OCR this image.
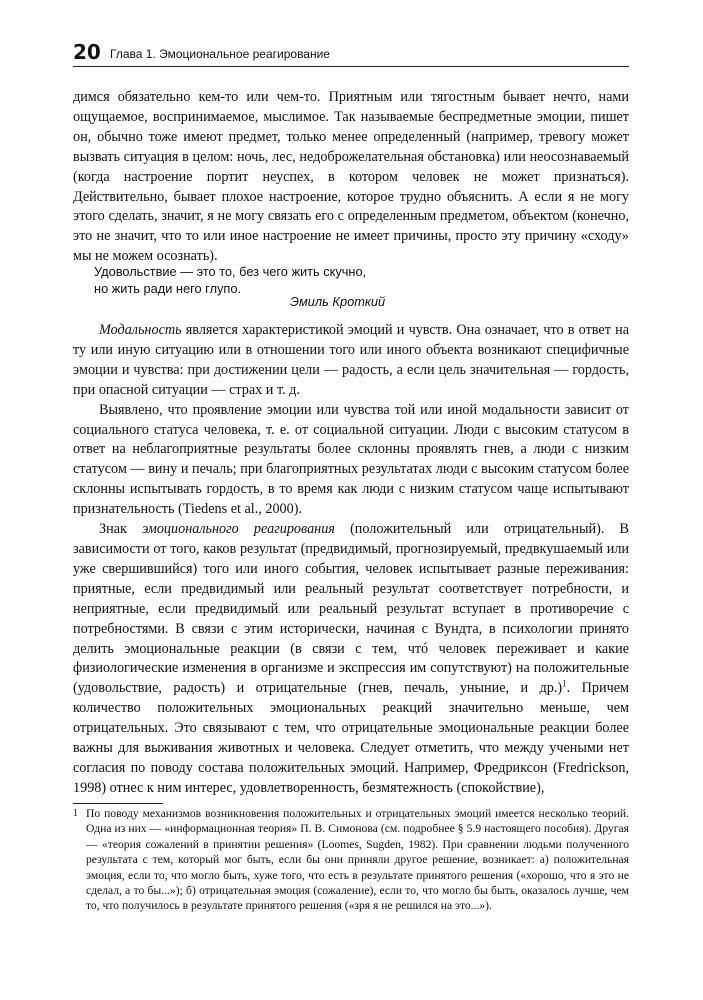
20 Глава 1. Эмоциональное реагирование

димся обязательно кем-то или чем-то. Приятным или тягостным бывает нечто, нами ощущаемое, воспринимаемое, мыслимое. Так называемые беспредметные эмоции, пишет он, обычно тоже имеют предмет, только менее определенный (например, тревогу может вызвать ситуация в целом: ночь, лес, недоброжелательная обстановка) или неосознаваемый (когда настроение портит неуспех, в котором человек не может признаться). Действительно, бывает плохое настроение, которое трудно объяснить. А если я не могу этого сделать, значит, я не могу связать его с определенным предметом, объектом (конечно, это не значит, что то или иное настроение не имеет причины, просто эту причину «сходу» мы не можем осознать).

Удовольствие — это то, без чего жить скучно,
но жить ради него глупо.
Эмиль Кроткий

Модальность является характеристикой эмоций и чувств. Она означает, что в ответ на ту или иную ситуацию или в отношении того или иного объекта возникают специфичные эмоции и чувства: при достижении цели — радость, а если цель значительная — гордость, при опасной ситуации — страх и т. д.

Выявлено, что проявление эмоции или чувства той или иной модальности зависит от социального статуса человека, т. е. от социальной ситуации. Люди с высоким статусом в ответ на неблагоприятные результаты более склонны проявлять гнев, а люди с низким статусом — вину и печаль; при благоприятных результатах люди с высоким статусом более склонны испытывать гордость, в то время как люди с низким статусом чаще испытывают признательность (Tiedens et al., 2000).

Знак эмоционального реагирования (положительный или отрицательный). В зависимости от того, каков результат (предвидимый, прогнозируемый, предвкушаемый или уже свершившийся) того или иного события, человек испытывает разные переживания: приятные, если предвидимый или реальный результат соответствует потребности, и неприятные, если предвидимый или реальный результат вступает в противоречие с потребностями. В связи с этим исторически, начиная с Вундта, в психологии принято делить эмоциональные реакции (в связи с тем, чтó человек переживает и какие физиологические изменения в организме и экспрессия им сопутствуют) на положительные (удовольствие, радость) и отрицательные (гнев, печаль, уныние, и др.)$^1$. Причем количество положительных эмоциональных реакций значительно меньше, чем отрицательных. Это связывают с тем, что отрицательные эмоциональные реакции более важны для выживания животных и человека. Следует отметить, что между учеными нет согласия по поводу состава положительных эмоций. Например, Фредриксон (Fredrickson, 1998) отнес к ним интерес, удовлетворенность, безмятежность (спокойствие),

1 По поводу механизмов возникновения положительных и отрицательных эмоций имеется несколько теорий. Одна из них — «информационная теория» П. В. Симонова (см. подробнее § 5.9 настоящего пособия). Другая — «теория сожалений в принятии решения» (Loomes, Sugden, 1982). При сравнении людьми полученного результата с тем, который мог быть, если бы они приняли другое решение, возникает: а) положительная эмоция, если то, что могло быть, хуже того, что есть в результате принятого решения («хорошо, что я это не сделал, а то бы...»); б) отрицательная эмоция (сожаление), если то, что могло бы быть, оказалось лучше, чем то, что получилось в результате принятого решения («зря я не решился на это...»).
